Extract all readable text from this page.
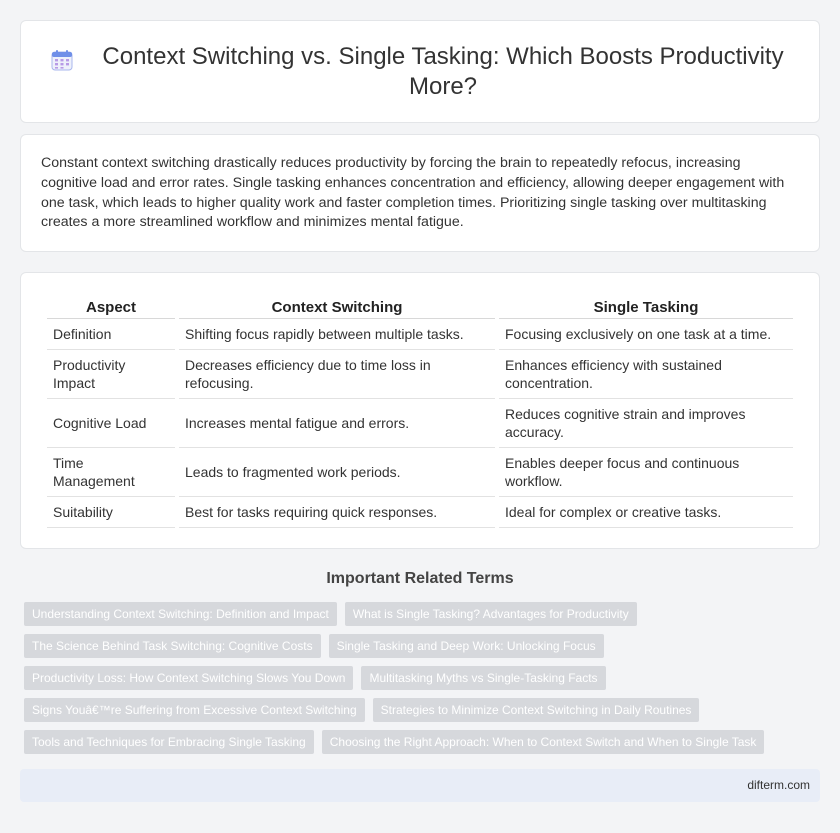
Context Switching vs. Single Tasking: Which Boosts Productivity More?

Constant context switching drastically reduces productivity by forcing the brain to repeatedly refocus, increasing cognitive load and error rates. Single tasking enhances concentration and efficiency, allowing deeper engagement with one task, which leads to higher quality work and faster completion times. Prioritizing single tasking over multitasking creates a more streamlined workflow and minimizes mental fatigue.

Aspect	Context Switching	Single Tasking
Definition	Shifting focus rapidly between multiple tasks.	Focusing exclusively on one task at a time.
Productivity Impact	Decreases efficiency due to time loss in refocusing.	Enhances efficiency with sustained concentration.
Cognitive Load	Increases mental fatigue and errors.	Reduces cognitive strain and improves accuracy.
Time Management	Leads to fragmented work periods.	Enables deeper focus and continuous workflow.
Suitability	Best for tasks requiring quick responses.	Ideal for complex or creative tasks.
Important Related Terms
Understanding Context Switching: Definition and Impact	What is Single Tasking? Advantages for Productivity
The Science Behind Task Switching: Cognitive Costs	Single Tasking and Deep Work: Unlocking Focus
Productivity Loss: How Context Switching Slows You Down	Multitasking Myths vs Single-Tasking Facts
Signs Youâ€™re Suffering from Excessive Context Switching	Strategies to Minimize Context Switching in Daily Routines
Tools and Techniques for Embracing Single Tasking	Choosing the Right Approach: When to Context Switch and When to Single Task
difterm.com
